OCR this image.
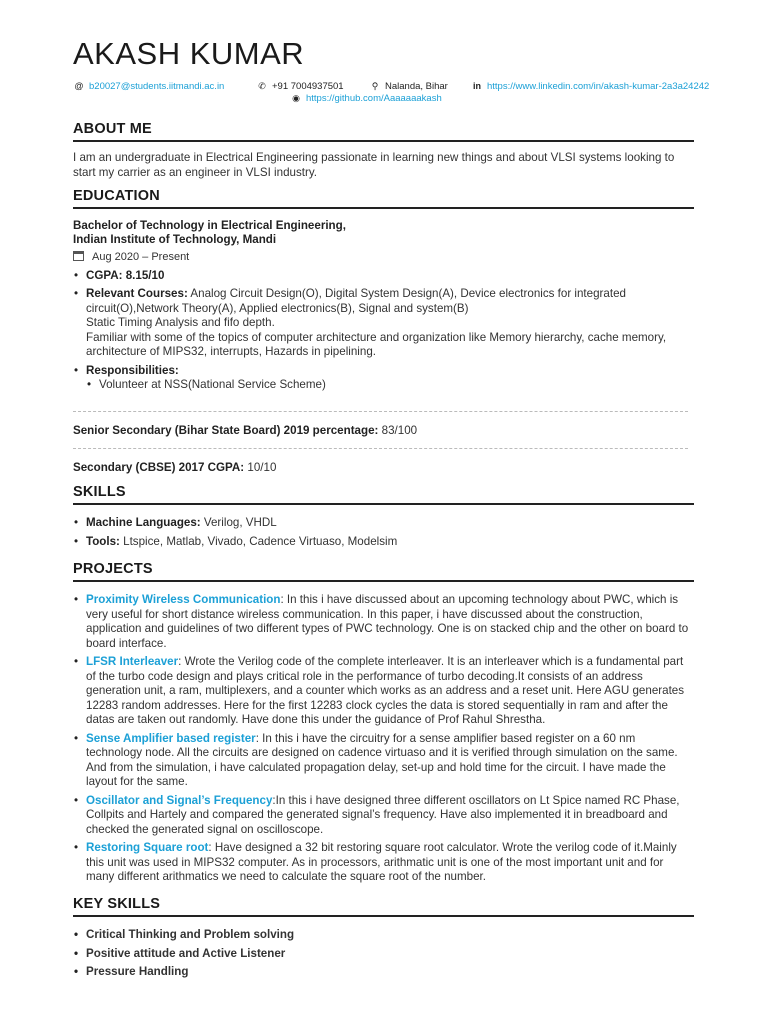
AKASH KUMAR
@ b20027@students.iitmandi.ac.in	✆ +91 7004937501	⚲ Nalanda, Bihar	in https://www.linkedin.com/in/akash-kumar-2a3a24242
◉ https://github.com/Aaaaaaakash
ABOUT ME
I am an undergraduate in Electrical Engineering passionate in learning new things and about VLSI systems looking to start my carrier as an engineer in VLSI industry.
EDUCATION
Bachelor of Technology in Electrical Engineering,
Indian Institute of Technology, Mandi
Aug 2020 – Present
• CGPA: 8.15/10
• Relevant Courses: Analog Circuit Design(O), Digital System Design(A), Device electronics for integrated circuit(O),Network Theory(A), Applied electronics(B), Signal and system(B)
Static Timing Analysis and fifo depth.
Familiar with some of the topics of computer architecture and organization like Memory hierarchy, cache memory, architecture of MIPS32, interrupts, Hazards in pipelining.
• Responsibilities:
• Volunteer at NSS(National Service Scheme)
Senior Secondary (Bihar State Board) 2019 percentage: 83/100
Secondary (CBSE) 2017 CGPA: 10/10
SKILLS
• Machine Languages: Verilog, VHDL
• Tools: Ltspice, Matlab, Vivado, Cadence Virtuaso, Modelsim
PROJECTS
• Proximity Wireless Communication: In this i have discussed about an upcoming technology about PWC, which is very useful for short distance wireless communication. In this paper, i have discussed about the construction, application and guidelines of two different types of PWC technology. One is on stacked chip and the other on board to board interface.
• LFSR Interleaver: Wrote the Verilog code of the complete interleaver. It is an interleaver which is a fundamental part of the turbo code design and plays critical role in the performance of turbo decoding.It consists of an address generation unit, a ram, multiplexers, and a counter which works as an address and a reset unit. Here AGU generates 12283 random addresses. Here for the first 12283 clock cycles the data is stored sequentially in ram and after the datas are taken out randomly. Have done this under the guidance of Prof Rahul Shrestha.
• Sense Amplifier based register: In this i have the circuitry for a sense amplifier based register on a 60 nm technology node. All the circuits are designed on cadence virtuaso and it is verified through simulation on the same. And from the simulation, i have calculated propagation delay, set-up and hold time for the circuit. I have made the layout for the same.
• Oscillator and Signal’s Frequency:In this i have designed three different oscillators on Lt Spice named RC Phase, Collpits and Hartely and compared the generated signal’s frequency. Have also implemented it in breadboard and checked the generated signal on oscilloscope.
• Restoring Square root: Have designed a 32 bit restoring square root calculator. Wrote the verilog code of it.Mainly this unit was used in MIPS32 computer. As in processors, arithmatic unit is one of the most important unit and for many different arithmatics we need to calculate the square root of the number.
KEY SKILLS
• Critical Thinking and Problem solving
• Positive attitude and Active Listener
• Pressure Handling
